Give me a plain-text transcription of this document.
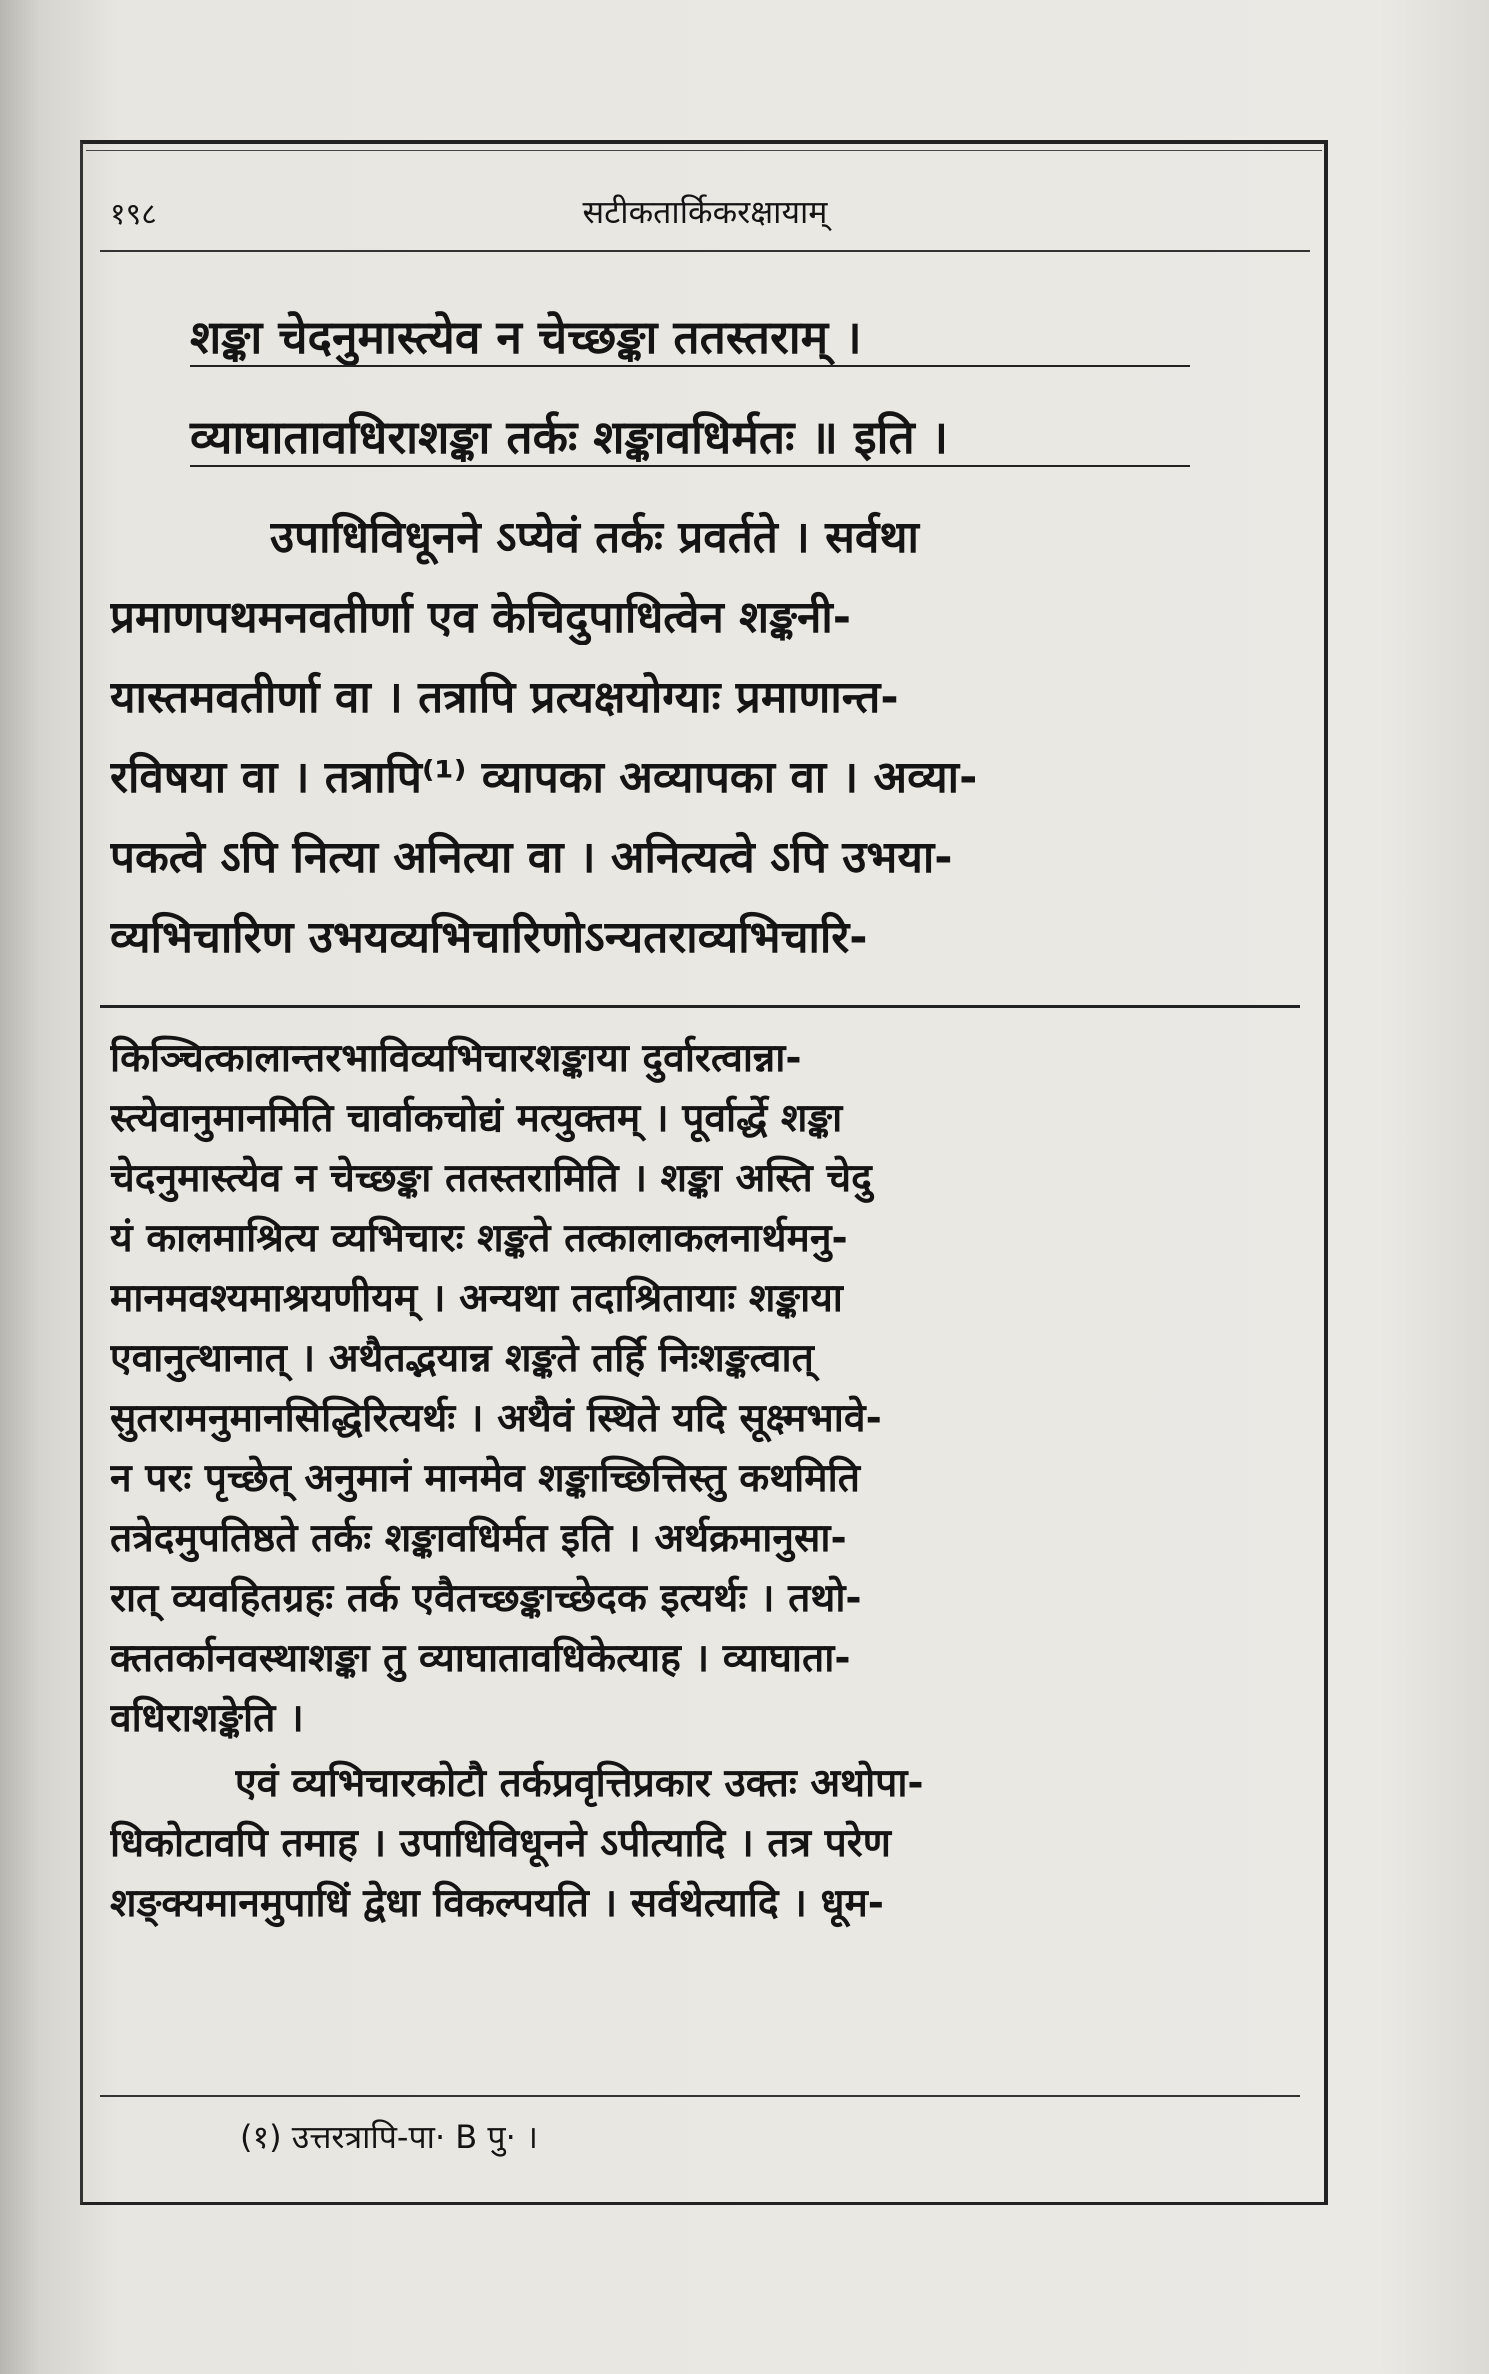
१९८	सटीकतार्किकरक्षायाम्
शङ्का चेदनुमास्त्येव न चेच्छङ्का ततस्तराम् ।
व्याघातावधिराशङ्का तर्कः शङ्कावधिर्मतः ॥ इति ।
उपाधिविधूनने ऽप्येवं तर्कः प्रवर्तते । सर्वथा
प्रमाणपथमनवतीर्णा एव केचिदुपाधित्वेन शङ्कनी-
यास्तमवतीर्णा वा । तत्रापि प्रत्यक्षयोग्याः प्रमाणान्त-
रविषया वा । तत्रापि⁽¹⁾ व्यापका अव्यापका वा । अव्या-
पकत्वे ऽपि नित्या अनित्या वा । अनित्यत्वे ऽपि उभया-
व्यभिचारिण उभयव्यभिचारिणोऽन्यतराव्यभिचारि-
किञ्चित्कालान्तरभाविव्यभिचारशङ्काया दुर्वारत्वान्ना-
स्त्येवानुमानमिति चार्वाकचोद्यं मत्युक्तम् । पूर्वार्द्धे शङ्का
चेदनुमास्त्येव न चेच्छङ्का ततस्तरामिति । शङ्का अस्ति चेदु
यं कालमाश्रित्य व्यभिचारः शङ्कते तत्कालाकलनार्थमनु-
मानमवश्यमाश्रयणीयम् । अन्यथा तदाश्रितायाः शङ्काया
एवानुत्थानात् । अथैतद्भयान्न शङ्कते तर्हि निःशङ्कत्वात्
सुतरामनुमानसिद्धिरित्यर्थः । अथैवं स्थिते यदि सूक्ष्मभावे-
न परः पृच्छेत् अनुमानं मानमेव शङ्काच्छित्तिस्तु कथमिति
तत्रेदमुपतिष्ठते तर्कः शङ्कावधिर्मत इति । अर्थक्रमानुसा-
रात् व्यवहितग्रहः तर्क एवैतच्छङ्काच्छेदक इत्यर्थः । तथो-
क्ततर्कानवस्थाशङ्का तु व्याघातावधिकेत्याह । व्याघाता-
वधिराशङ्केति ।
एवं व्यभिचारकोटौ तर्कप्रवृत्तिप्रकार उक्तः अथोपा-
धिकोटावपि तमाह । उपाधिविधूनने ऽपीत्यादि । तत्र परेण
शङ्क्यमानमुपाधिं द्वेधा विकल्पयति । सर्वथेत्यादि । धूम-
(१) उत्तरत्रापि-पा· B पु· ।
